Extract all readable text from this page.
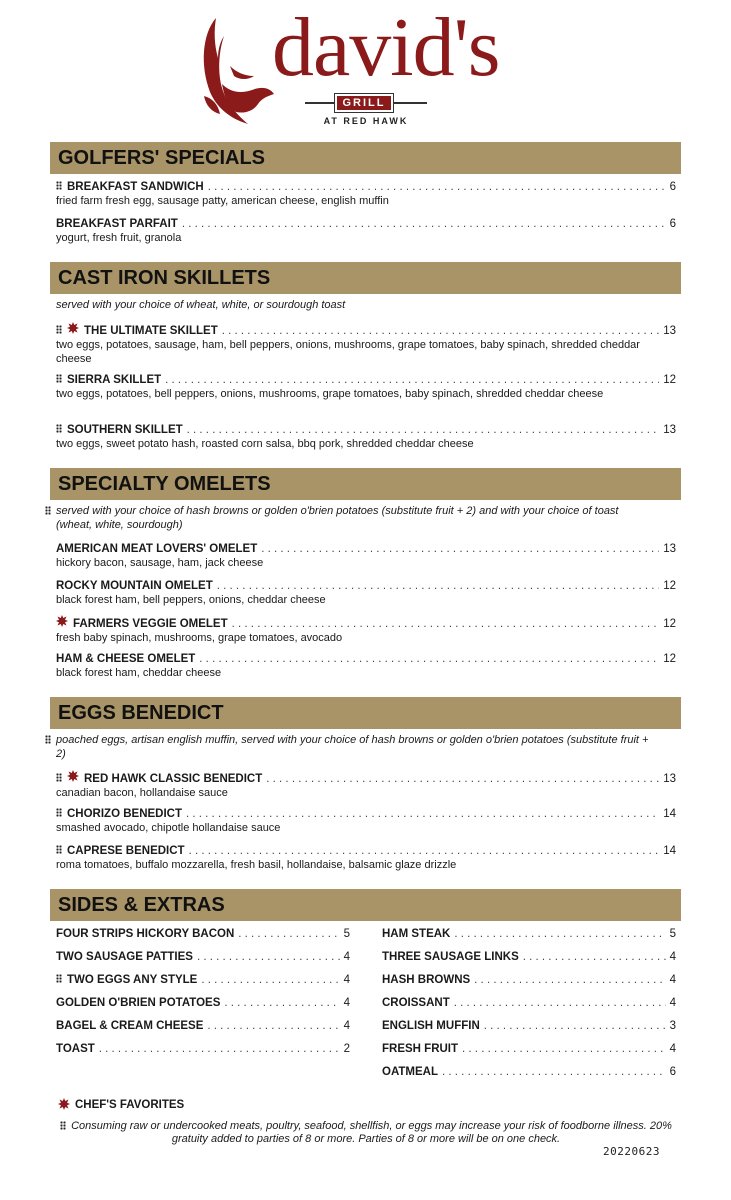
david's
GRILL
AT RED HAWK
GOLFERS' SPECIALS
BREAKFAST SANDWICH . . .	6
fried farm fresh egg, sausage patty, american cheese, english muffin
BREAKFAST PARFAIT . . .	6
yogurt, fresh fruit, granola
CAST IRON SKILLETS
served with your choice of wheat, white, or sourdough toast
THE ULTIMATE SKILLET . . .	13
two eggs, potatoes, sausage, ham, bell peppers, onions, mushrooms, grape tomatoes, baby spinach, shredded cheddar cheese
SIERRA SKILLET . . .	12
two eggs, potatoes, bell peppers, onions, mushrooms, grape tomatoes, baby spinach, shredded cheddar cheese
SOUTHERN SKILLET . . .	13
two eggs, sweet potato hash, roasted corn salsa, bbq pork, shredded cheddar cheese
SPECIALTY OMELETS
served with your choice of hash browns or golden o'brien potatoes (substitute fruit + 2) and with your choice of toast (wheat, white, sourdough)
AMERICAN MEAT LOVERS' OMELET . . .	13
hickory bacon, sausage, ham, jack cheese
ROCKY MOUNTAIN OMELET . . .	12
black forest ham, bell peppers, onions, cheddar cheese
FARMERS VEGGIE OMELET . . .	12
fresh baby spinach, mushrooms, grape tomatoes, avocado
HAM & CHEESE OMELET . . .	12
black forest ham, cheddar cheese
EGGS BENEDICT
poached eggs, artisan english muffin, served with your choice of hash browns or golden o'brien potatoes (substitute fruit + 2)
RED HAWK CLASSIC BENEDICT . . .	13
canadian bacon, hollandaise sauce
CHORIZO BENEDICT . . .	14
smashed avocado, chipotle hollandaise sauce
CAPRESE BENEDICT . . .	14
roma tomatoes, buffalo mozzarella, fresh basil, hollandaise, balsamic glaze drizzle
SIDES & EXTRAS
FOUR STRIPS HICKORY BACON . . .	5
TWO SAUSAGE PATTIES . . .	4
TWO EGGS ANY STYLE . . .	4
GOLDEN O'BRIEN POTATOES . . .	4
BAGEL & CREAM CHEESE . . .	4
TOAST . . .	2
HAM STEAK . . .	5
THREE SAUSAGE LINKS . . .	4
HASH BROWNS . . .	4
CROISSANT . . .	4
ENGLISH MUFFIN . . .	3
FRESH FRUIT . . .	4
OATMEAL . . .	6
CHEF'S FAVORITES
Consuming raw or undercooked meats, poultry, seafood, shellfish, or eggs may increase your risk of foodborne illness. 20% gratuity added to parties of 8 or more. Parties of 8 or more will be on one check.
20220623
